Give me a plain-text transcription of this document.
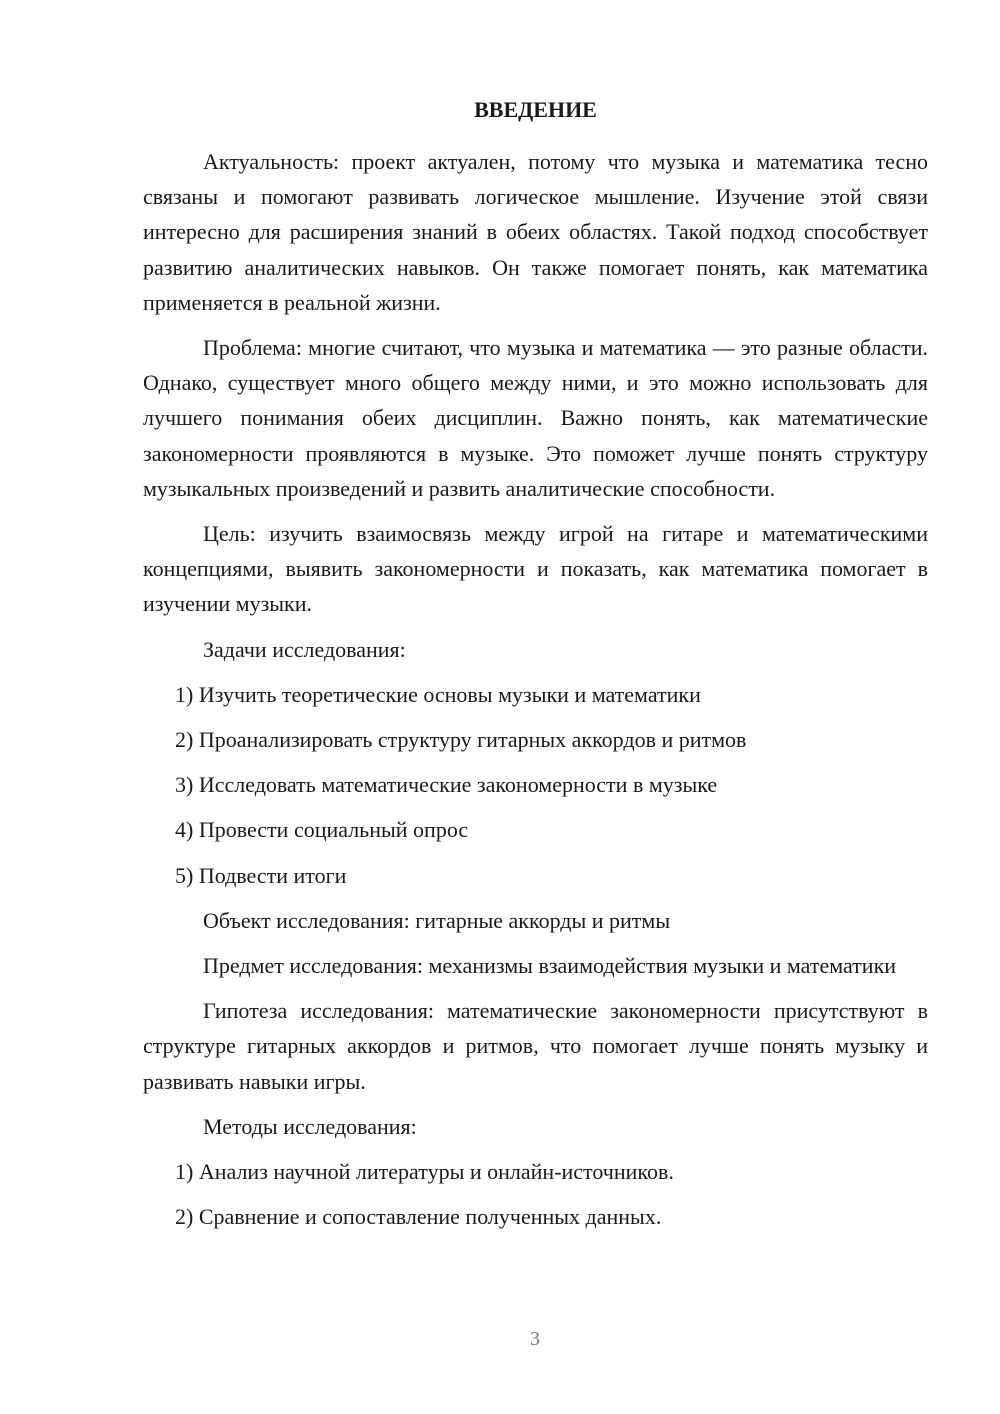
ВВЕДЕНИЕ

Актуальность: проект актуален, потому что музыка и математика тесно связаны и помогают развивать логическое мышление. Изучение этой связи интересно для расширения знаний в обеих областях. Такой подход способствует развитию аналитических навыков. Он также помогает понять, как математика применяется в реальной жизни.

Проблема: многие считают, что музыка и математика — это разные области. Однако, существует много общего между ними, и это можно использовать для лучшего понимания обеих дисциплин. Важно понять, как математические закономерности проявляются в музыке. Это поможет лучше понять структуру музыкальных произведений и развить аналитические способности.

Цель: изучить взаимосвязь между игрой на гитаре и математическими концепциями, выявить закономерности и показать, как математика помогает в изучении музыки.

Задачи исследования:

1) Изучить теоретические основы музыки и математики
2) Проанализировать структуру гитарных аккордов и ритмов
3) Исследовать математические закономерности в музыке
4) Провести социальный опрос
5) Подвести итоги

Объект исследования: гитарные аккорды и ритмы

Предмет исследования: механизмы взаимодействия музыки и математики

Гипотеза исследования: математические закономерности присутствуют в структуре гитарных аккордов и ритмов, что помогает лучше понять музыку и развивать навыки игры.

Методы исследования:

1) Анализ научной литературы и онлайн-источников.
2) Сравнение и сопоставление полученных данных.
3
